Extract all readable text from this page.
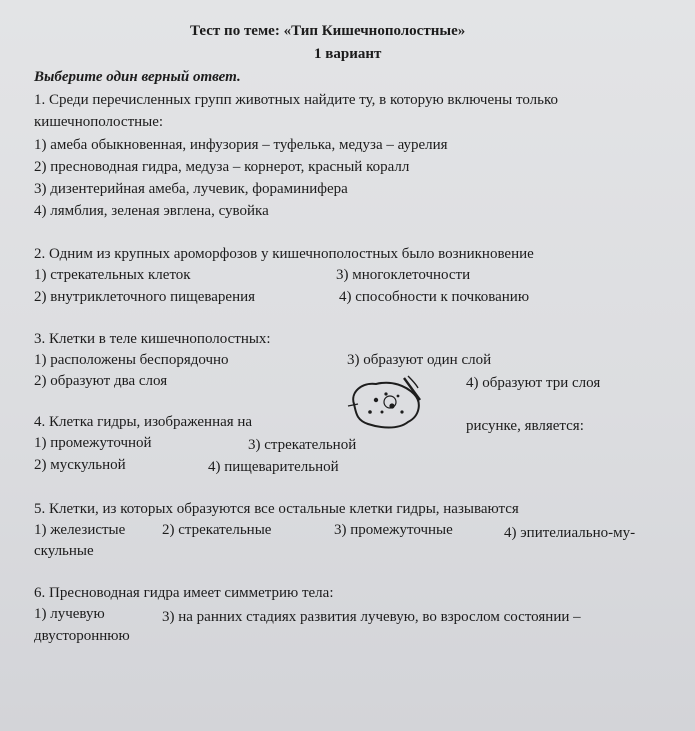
Тест по теме: «Тип Кишечнополостные»
1 вариант
Выберите один верный ответ.
1. Среди перечисленных групп животных найдите ту, в которую включены только
кишечнополостные:
1) амеба обыкновенная, инфузория – туфелька, медуза – аурелия
2) пресноводная гидра, медуза – корнерот, красный коралл
3) дизентерийная амеба, лучевик, фораминифера
4) лямблия, зеленая эвглена, сувойка
2. Одним из крупных ароморфозов у кишечнополостных было возникновение
1) стрекательных клеток	3) многоклеточности
2) внутриклеточного пищеварения	4) способности к почкованию
3. Клетки в теле кишечнополостных:
1) расположены беспорядочно	3) образуют один слой
2) образуют два слоя	4) образуют три слоя
4. Клетка гидры, изображенная на	рисунке, является:
1) промежуточной	3) стрекательной
2) мускульной	4) пищеварительной
5. Клетки, из которых образуются все остальные клетки гидры, называются
1) железистые 2) стрекательные	3) промежуточные	4) эпителиально-му-
скульные
6. Пресноводная гидра имеет симметрию тела:
1) лучевую	3) на ранних стадиях развития лучевую, во взрослом состоянии –
двустороннюю
